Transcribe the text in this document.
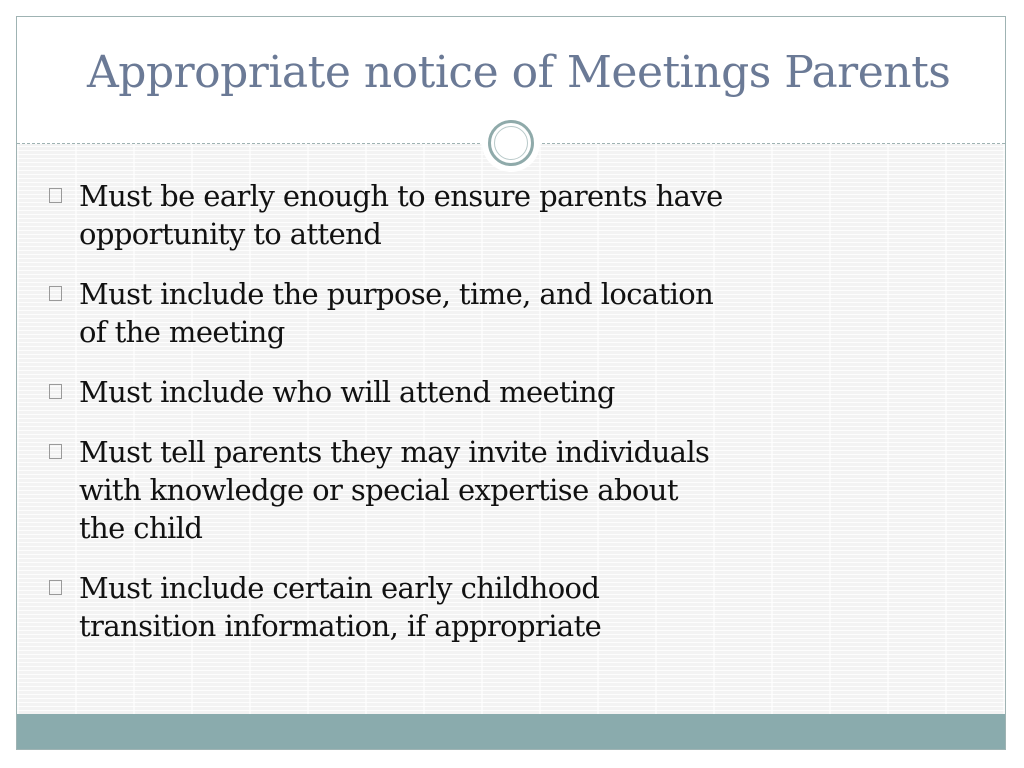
Appropriate notice of Meetings Parents
Must be early enough to ensure parents have opportunity to attend
Must include the purpose, time, and location of the meeting
Must include who will attend meeting
Must tell parents they may invite individuals with knowledge or special expertise about the child
Must include certain early childhood transition information, if appropriate
